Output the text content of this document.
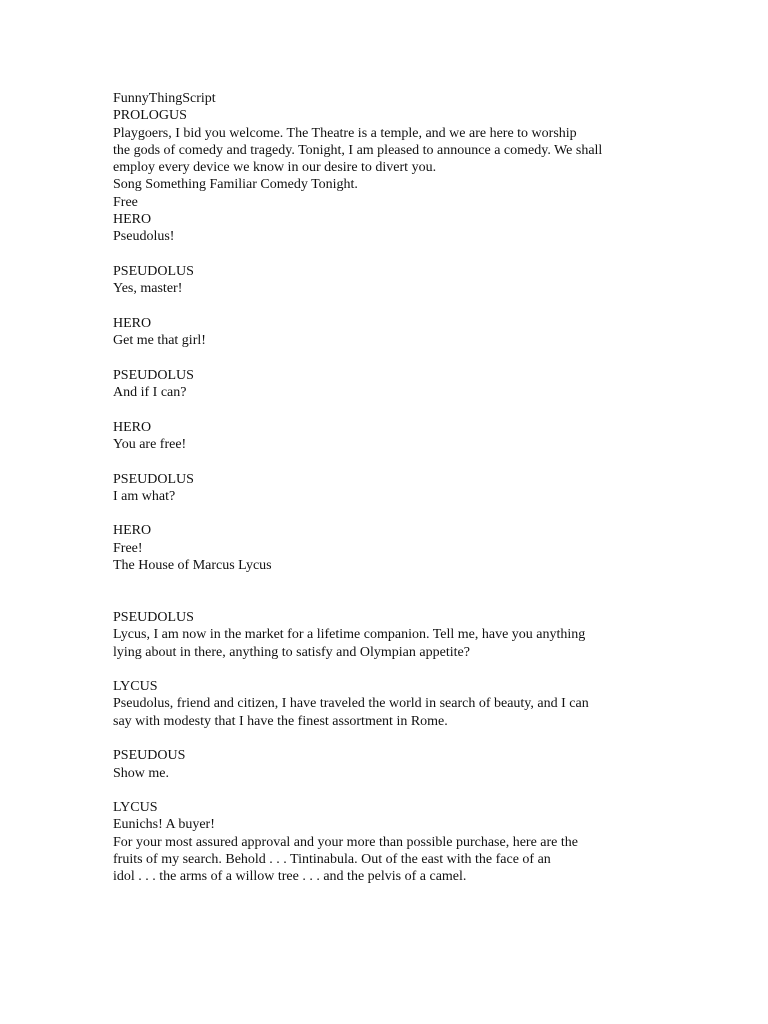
FunnyThingScript
PROLOGUS
Playgoers, I bid you welcome. The Theatre is a temple, and we are here to worship
the gods of comedy and tragedy. Tonight, I am pleased to announce a comedy. We shall
employ every device we know in our desire to divert you.
Song Something Familiar Comedy Tonight.
Free
HERO
Pseudolus!
PSEUDOLUS
Yes, master!
HERO
Get me that girl!
PSEUDOLUS
And if I can?
HERO
You are free!
PSEUDOLUS
I am what?
HERO
Free!
The House of Marcus Lycus
PSEUDOLUS
Lycus, I am now in the market for a lifetime companion. Tell me, have you anything
lying about in there, anything to satisfy and Olympian appetite?
LYCUS
Pseudolus, friend and citizen, I have traveled the world in search of beauty, and I can
say with modesty that I have the finest assortment in Rome.
PSEUDOUS
Show me.
LYCUS
Eunichs! A buyer!
For your most assured approval and your more than possible purchase, here are the
fruits of my search. Behold . . . Tintinabula. Out of the east with the face of an
idol . . . the arms of a willow tree . . . and the pelvis of a camel.
